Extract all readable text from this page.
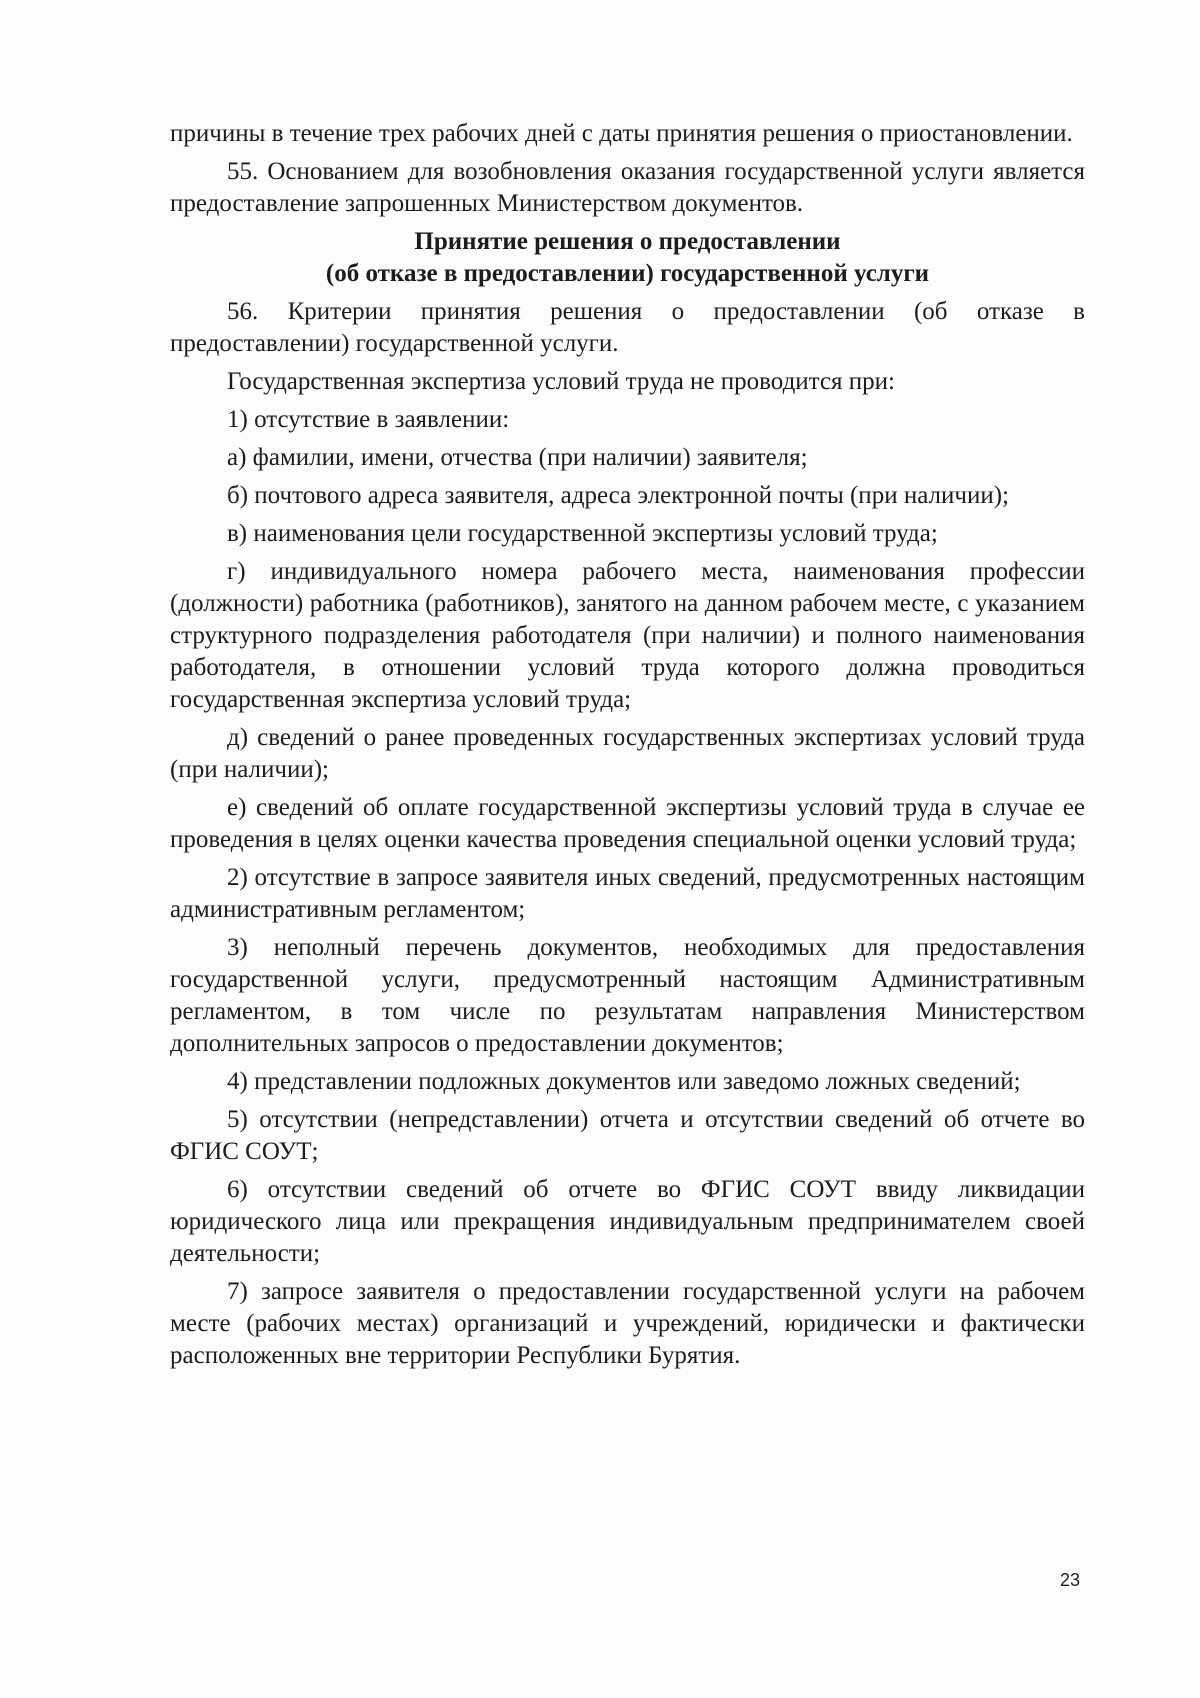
причины в течение трех рабочих дней с даты принятия решения о приостановлении.

55. Основанием для возобновления оказания государственной услуги является предоставление запрошенных Министерством документов.

Принятие решения о предоставлении
(об отказе в предоставлении) государственной услуги

56. Критерии принятия решения о предоставлении (об отказе в предоставлении) государственной услуги.

Государственная экспертиза условий труда не проводится при:

1) отсутствие в заявлении:

а) фамилии, имени, отчества (при наличии) заявителя;

б) почтового адреса заявителя, адреса электронной почты (при наличии);

в) наименования цели государственной экспертизы условий труда;

г) индивидуального номера рабочего места, наименования профессии (должности) работника (работников), занятого на данном рабочем месте, с указанием структурного подразделения работодателя (при наличии) и полного наименования работодателя, в отношении условий труда которого должна проводиться государственная экспертиза условий труда;

д) сведений о ранее проведенных государственных экспертизах условий труда (при наличии);

е) сведений об оплате государственной экспертизы условий труда в случае ее проведения в целях оценки качества проведения специальной оценки условий труда;

2) отсутствие в запросе заявителя иных сведений, предусмотренных настоящим административным регламентом;

3) неполный перечень документов, необходимых для предоставления государственной услуги, предусмотренный настоящим Административным регламентом, в том числе по результатам направления Министерством дополнительных запросов о предоставлении документов;

4) представлении подложных документов или заведомо ложных сведений;

5) отсутствии (непредставлении) отчета и отсутствии сведений об отчете во ФГИС СОУТ;

6) отсутствии сведений об отчете во ФГИС СОУТ ввиду ликвидации юридического лица или прекращения индивидуальным предпринимателем своей деятельности;

7) запросе заявителя о предоставлении государственной услуги на рабочем месте (рабочих местах) организаций и учреждений, юридически и фактически расположенных вне территории Республики Бурятия.

23
